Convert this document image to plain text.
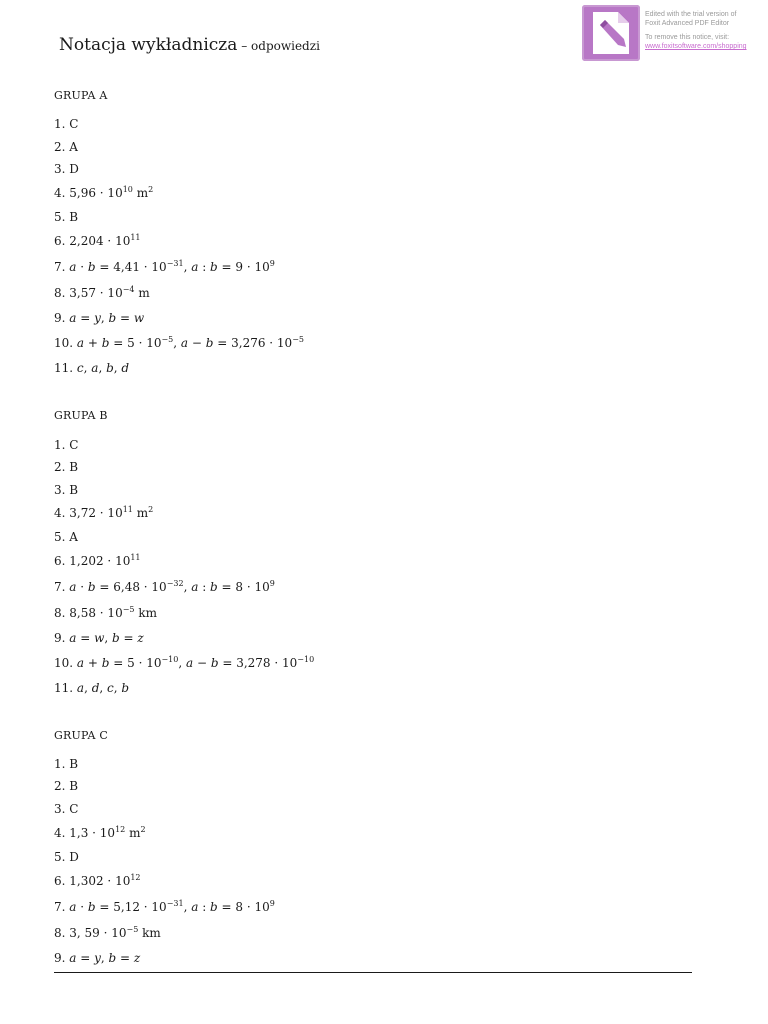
Notacja wykładnicza – odpowiedzi
Edited with the trial version of
Foxit Advanced PDF Editor
To remove this notice, visit:
www.foxitsoftware.com/shopping
GRUPA A
1. C
2. A
3. D
4. $5,96 \cdot 10^{10}$ $m^2$
5. B
6. $2,204 \cdot 10^{11}$
7. $a \cdot b = 4,41 \cdot 10^{-31}$, a : $b = 9 \cdot 10^9$
8. $3,57 \cdot 10^{-4}$ m
9. a = y, b = w
10. $a + b = 5 \cdot 10^{-5}$, $a - b = 3,276 \cdot 10^{-5}$
11. c, a, b, d
GRUPA B
1. C
2. B
3. B
4. $3,72 \cdot 10^{11}$ $m^2$
5. A
6. $1,202 \cdot 10^{11}$
7. $a \cdot b = 6,48 \cdot 10^{-32}$, a : $b = 8 \cdot 10^9$
8. $8,58 \cdot 10^{-5}$ km
9. a = w, b = z
10. $a + b = 5 \cdot 10^{-10}$, $a - b = 3,278 \cdot 10^{-10}$
11. a, d, c, b
GRUPA C
1. B
2. B
3. C
4. $1,3 \cdot 10^{12}$ $m^2$
5. D
6. $1,302 \cdot 10^{12}$
7. $a \cdot b = 5,12 \cdot 10^{-31}$, a : $b = 8 \cdot 10^9$
8. 3, $59 \cdot 10^{-5}$ km
9. a = y, b = z
